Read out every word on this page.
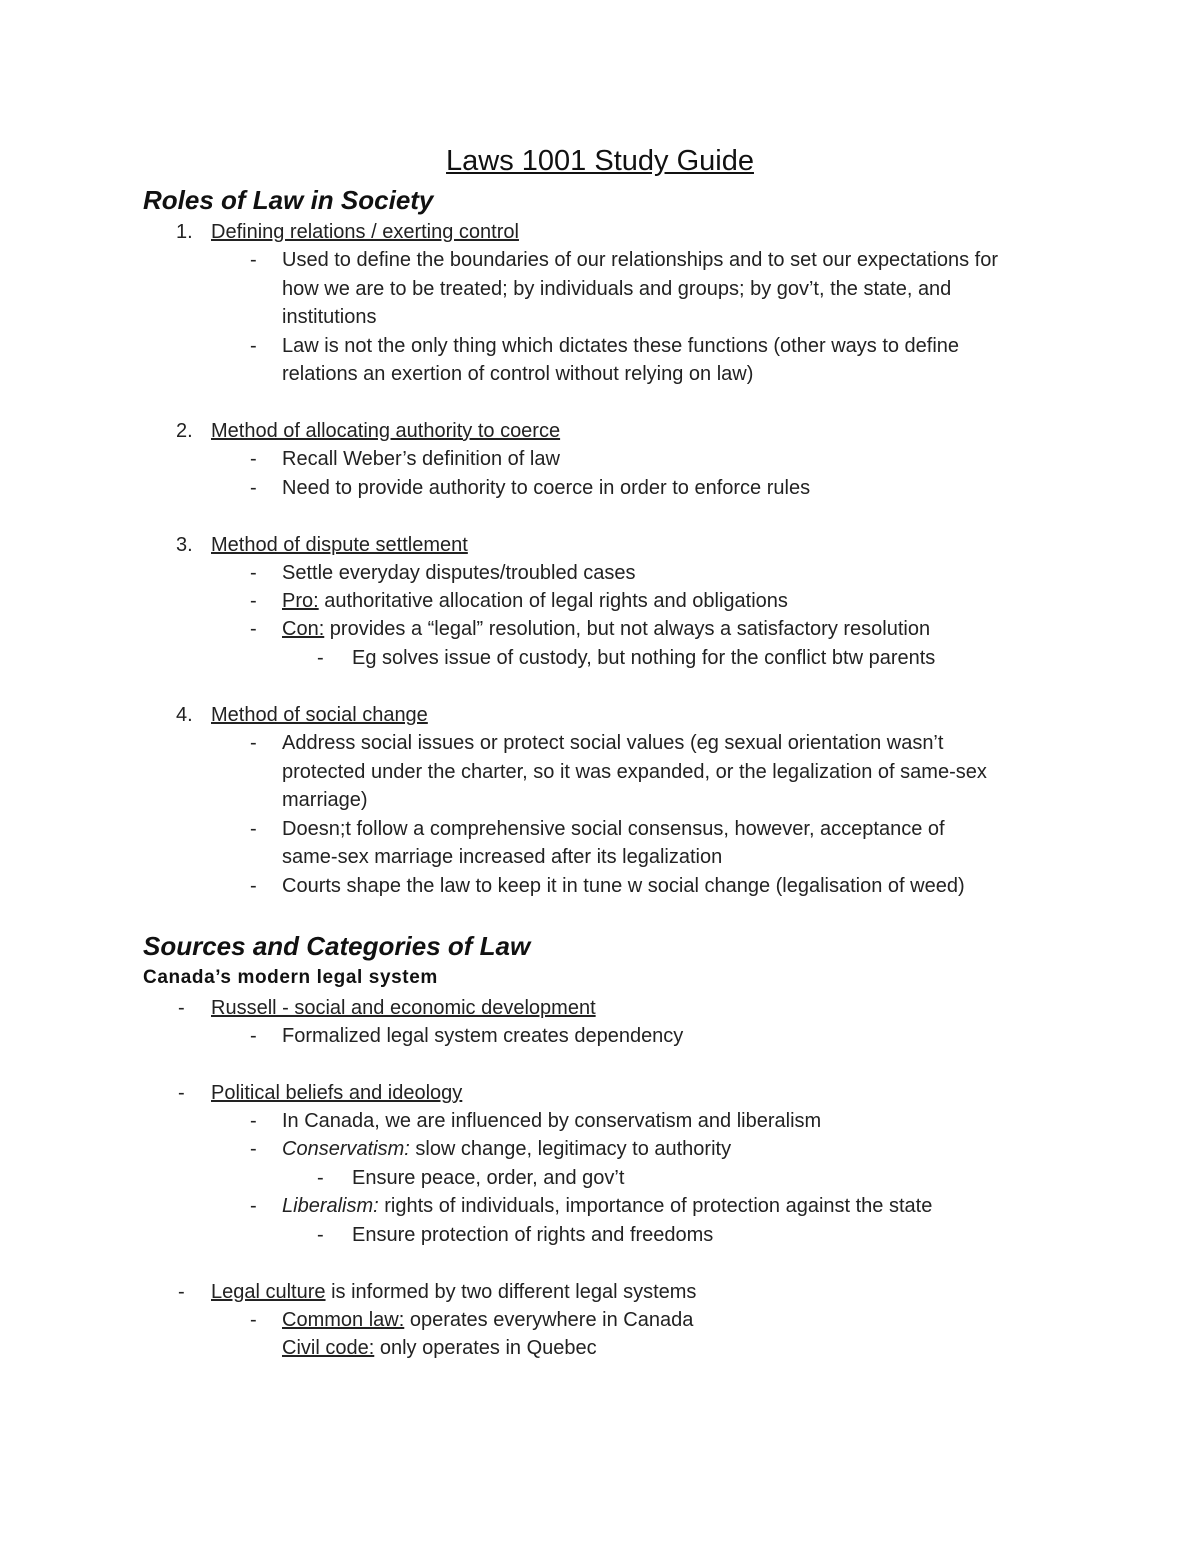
Laws 1001 Study Guide
Roles of Law in Society
1. Defining relations / exerting control
- Used to define the boundaries of our relationships and to set our expectations for
how we are to be treated; by individuals and groups; by gov’t, the state, and
institutions
- Law is not the only thing which dictates these functions (other ways to define
relations an exertion of control without relying on law)
2. Method of allocating authority to coerce
- Recall Weber’s definition of law
- Need to provide authority to coerce in order to enforce rules
3. Method of dispute settlement
- Settle everyday disputes/troubled cases
- Pro: authoritative allocation of legal rights and obligations
- Con: provides a “legal” resolution, but not always a satisfactory resolution
- Eg solves issue of custody, but nothing for the conflict btw parents
4. Method of social change
- Address social issues or protect social values (eg sexual orientation wasn’t
protected under the charter, so it was expanded, or the legalization of same-sex
marriage)
- Doesn;t follow a comprehensive social consensus, however, acceptance of
same-sex marriage increased after its legalization
- Courts shape the law to keep it in tune w social change (legalisation of weed)
Sources and Categories of Law
Canada’s modern legal system
- Russell - social and economic development
- Formalized legal system creates dependency
- Political beliefs and ideology
- In Canada, we are influenced by conservatism and liberalism
- Conservatism: slow change, legitimacy to authority
- Ensure peace, order, and gov’t
- Liberalism: rights of individuals, importance of protection against the state
- Ensure protection of rights and freedoms
- Legal culture is informed by two different legal systems
- Common law: operates everywhere in Canada
Civil code: only operates in Quebec
